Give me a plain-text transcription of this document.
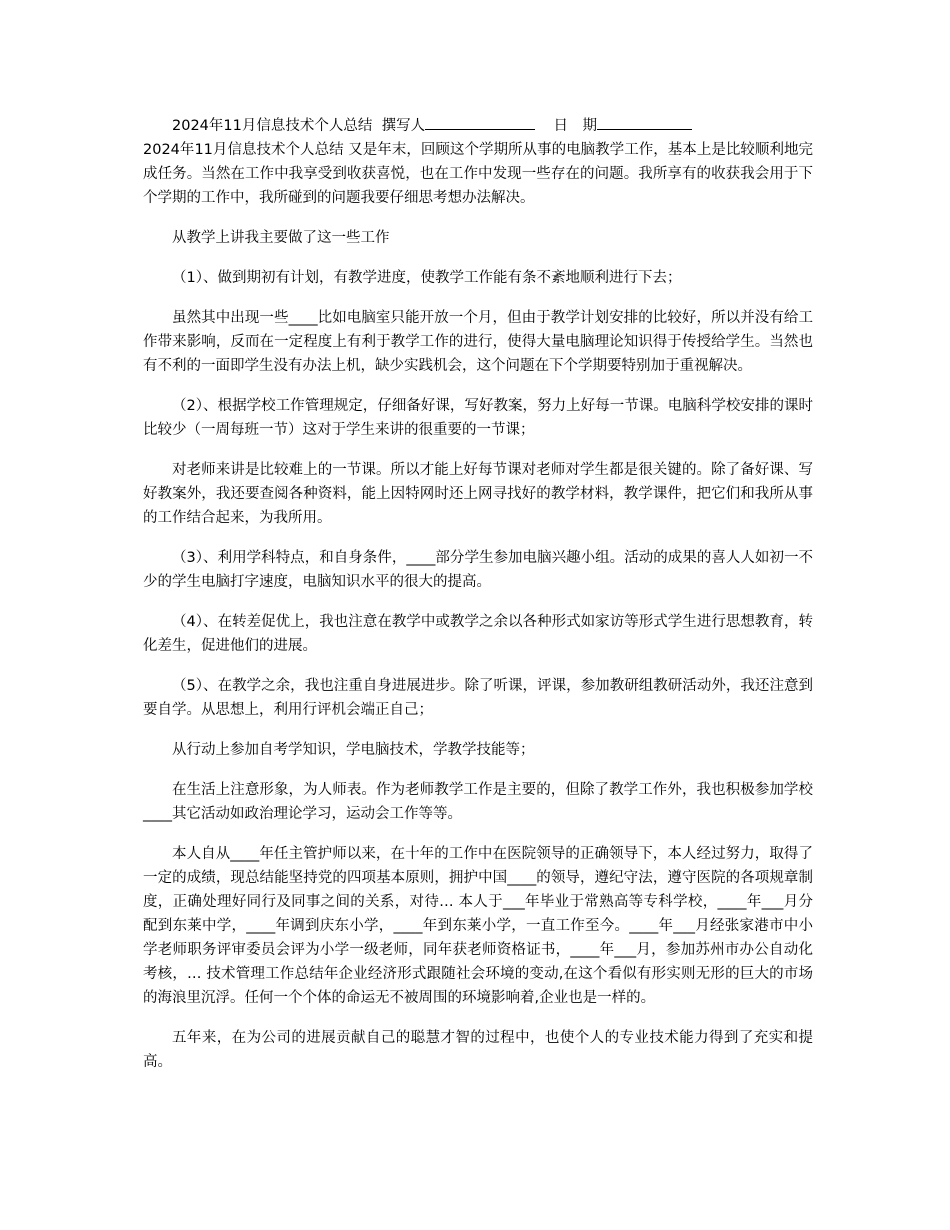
2024年11月信息技术个人总结 撰写人	日　期

2024年11月信息技术个人总结 又是年末，回顾这个学期所从事的电脑教学工作，基本上是比较顺利地完成任务。当然在工作中我享受到收获喜悦，也在工作中发现一些存在的问题。我所享有的收获我会用于下个学期的工作中，我所碰到的问题我要仔细思考想办法解决。

从教学上讲我主要做了这一些工作

（1）、做到期初有计划，有教学进度，使教学工作能有条不紊地顺利进行下去；

虽然其中出现一些____比如电脑室只能开放一个月，但由于教学计划安排的比较好，所以并没有给工作带来影响，反而在一定程度上有利于教学工作的进行，使得大量电脑理论知识得于传授给学生。当然也有不利的一面即学生没有办法上机，缺少实践机会，这个问题在下个学期要特别加于重视解决。

（2）、根据学校工作管理规定，仔细备好课，写好教案，努力上好每一节课。电脑科学校安排的课时比较少（一周每班一节）这对于学生来讲的很重要的一节课；

对老师来讲是比较难上的一节课。所以才能上好每节课对老师对学生都是很关键的。除了备好课、写好教案外，我还要查阅各种资料，能上因特网时还上网寻找好的教学材料，教学课件，把它们和我所从事的工作结合起来，为我所用。

（3）、利用学科特点，和自身条件，____部分学生参加电脑兴趣小组。活动的成果的喜人人如初一不少的学生电脑打字速度，电脑知识水平的很大的提高。

（4）、在转差促优上，我也注意在教学中或教学之余以各种形式如家访等形式学生进行思想教育，转化差生，促进他们的进展。

（5）、在教学之余，我也注重自身进展进步。除了听课，评课，参加教研组教研活动外，我还注意到要自学。从思想上，利用行评机会端正自己；

从行动上参加自考学知识，学电脑技术，学教学技能等；

在生活上注意形象，为人师表。作为老师教学工作是主要的，但除了教学工作外，我也积极参加学校____其它活动如政治理论学习，运动会工作等等。

本人自从____年任主管护师以来，在十年的工作中在医院领导的正确领导下，本人经过努力，取得了一定的成绩，现总结能坚持党的四项基本原则，拥护中国____的领导，遵纪守法，遵守医院的各项规章制度，正确处理好同行及同事之间的关系，对待… 本人于___年毕业于常熟高等专科学校，____年___月分配到东莱中学，____年调到庆东小学，____年到东莱小学，一直工作至今。____年___月经张家港市中小学老师职务评审委员会评为小学一级老师，同年获老师资格证书，____年___月，参加苏州市办公自动化考核，… 技术管理工作总结年企业经济形式跟随社会环境的变动,在这个看似有形实则无形的巨大的市场的海浪里沉浮。任何一个个体的命运无不被周围的环境影响着,企业也是一样的。

五年来，在为公司的进展贡献自己的聪慧才智的过程中，也使个人的专业技术能力得到了充实和提高。
